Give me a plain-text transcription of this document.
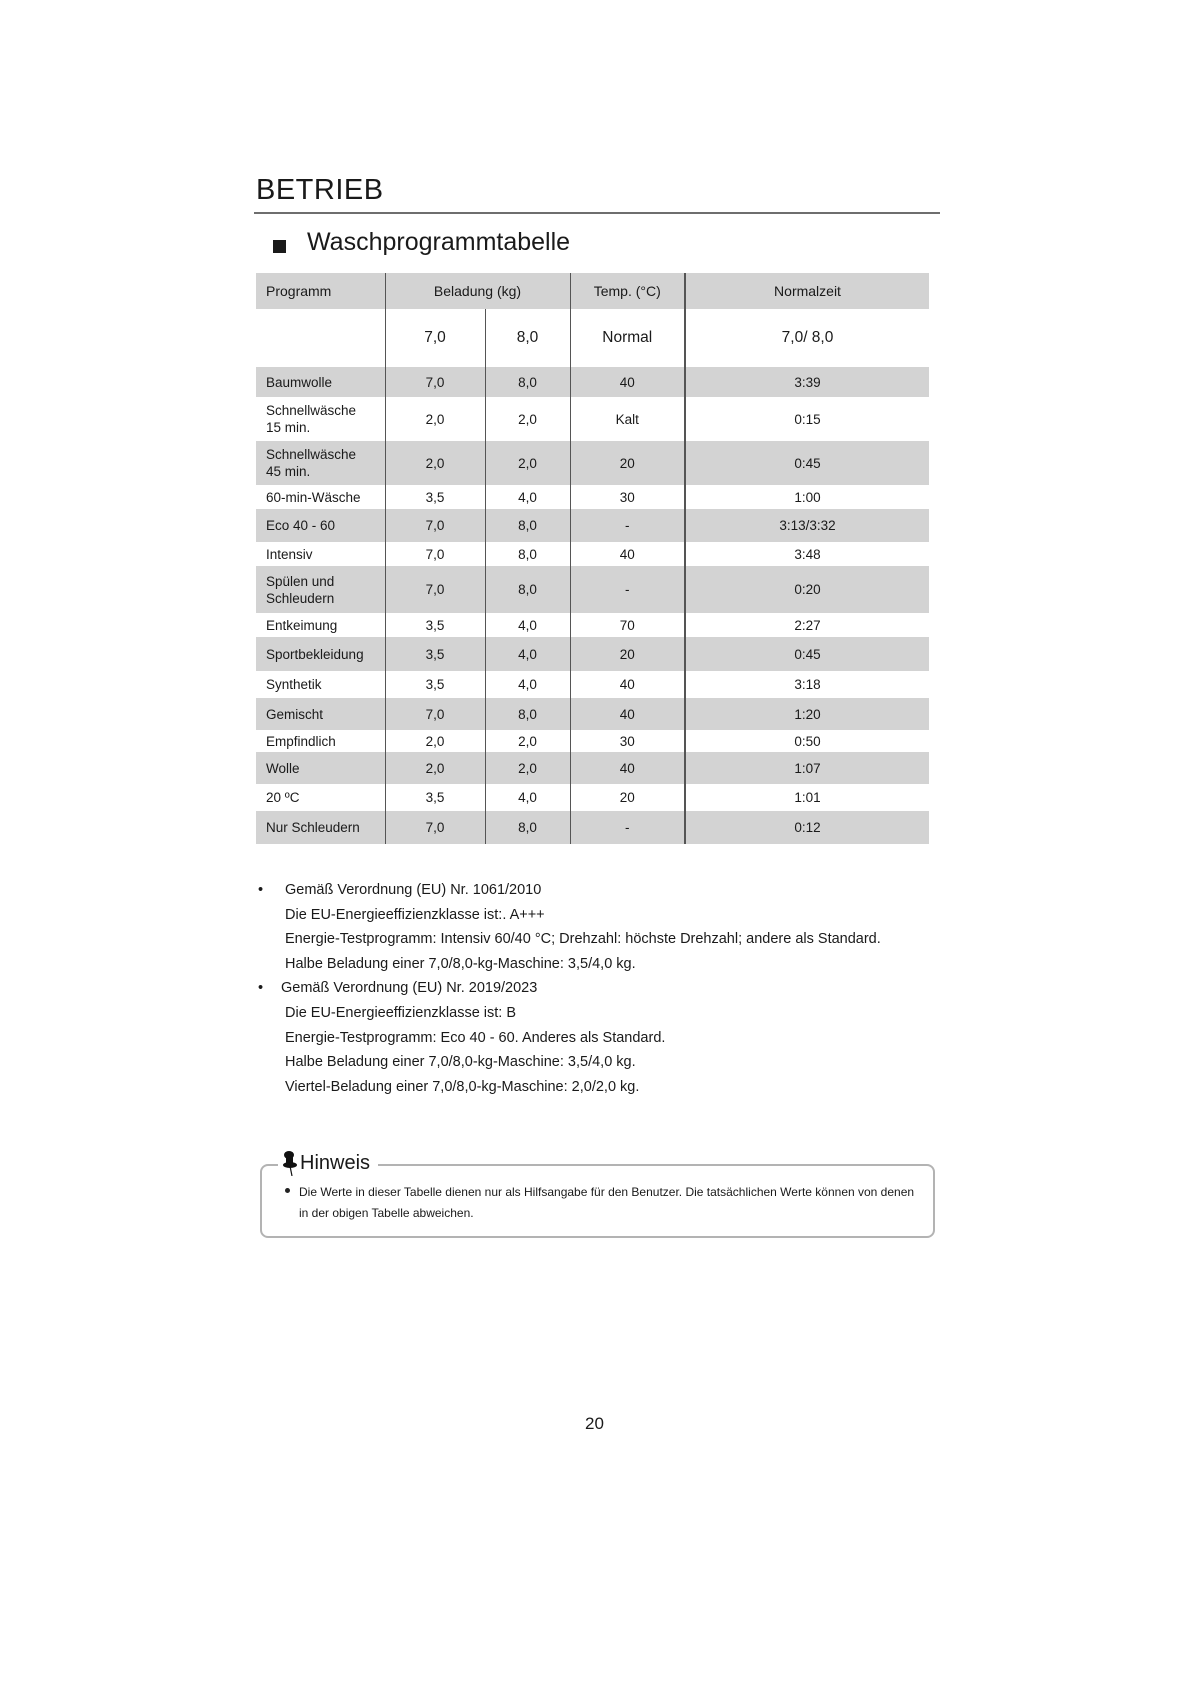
BETRIEB
Waschprogrammtabelle
Programm	Beladung (kg)		Temp. (°C)	Normalzeit
	7,0	8,0	Normal	7,0/ 8,0
Baumwolle	7,0	8,0	40	3:39
Schnellwäsche
15 min.	2,0	2,0	Kalt	0:15
Schnellwäsche
45 min.	2,0	2,0	20	0:45
60-min-Wäsche	3,5	4,0	30	1:00
Eco 40 - 60	7,0	8,0	-	3:13/3:32
Intensiv	7,0	8,0	40	3:48
Spülen und
Schleudern	7,0	8,0	-	0:20
Entkeimung	3,5	4,0	70	2:27
Sportbekleidung	3,5	4,0	20	0:45
Synthetik	3,5	4,0	40	3:18
Gemischt	7,0	8,0	40	1:20
Empfindlich	2,0	2,0	30	0:50
Wolle	2,0	2,0	40	1:07
20 ºC	3,5	4,0	20	1:01
Nur Schleudern	7,0	8,0	-	0:12
• Gemäß Verordnung (EU) Nr. 1061/2010
Die EU-Energieeffizienzklasse ist:. A+++
Energie-Testprogramm: Intensiv 60/40 °C; Drehzahl: höchste Drehzahl; andere als Standard.
Halbe Beladung einer 7,0/8,0-kg-Maschine: 3,5/4,0 kg.
• Gemäß Verordnung (EU) Nr. 2019/2023
Die EU-Energieeffizienzklasse ist: B
Energie-Testprogramm: Eco 40 - 60. Anderes als Standard.
Halbe Beladung einer 7,0/8,0-kg-Maschine: 3,5/4,0 kg.
Viertel-Beladung einer 7,0/8,0-kg-Maschine: 2,0/2,0 kg.
Hinweis
Die Werte in dieser Tabelle dienen nur als Hilfsangabe für den Benutzer. Die tatsächlichen Werte können von denen in der obigen Tabelle abweichen.
20
